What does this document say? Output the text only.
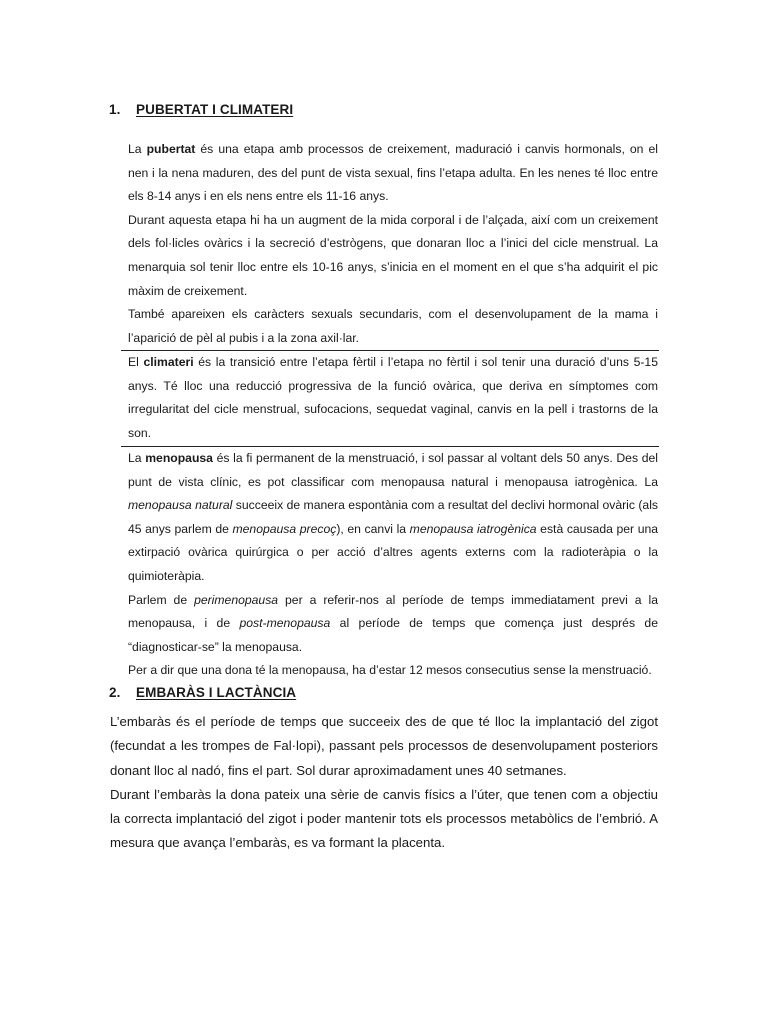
1. PUBERTAT I CLIMATERI

La pubertat és una etapa amb processos de creixement, maduració i canvis hormonals, on el nen i la nena maduren, des del punt de vista sexual, fins l’etapa adulta. En les nenes té lloc entre els 8-14 anys i en els nens entre els 11-16 anys.

Durant aquesta etapa hi ha un augment de la mida corporal i de l’alçada, així com un creixement dels fol·licles ovàrics i la secreció d’estrògens, que donaran lloc a l’inici del cicle menstrual. La menarquia sol tenir lloc entre els 10-16 anys, s’inicia en el moment en el que s’ha adquirit el pic màxim de creixement.

També apareixen els caràcters sexuals secundaris, com el desenvolupament de la mama i l’aparició de pèl al pubis i a la zona axil·lar.

El climateri és la transició entre l’etapa fèrtil i l’etapa no fèrtil i sol tenir una duració d’uns 5-15 anys. Té lloc una reducció progressiva de la funció ovàrica, que deriva en símptomes com irregularitat del cicle menstrual, sufocacions, sequedat vaginal, canvis en la pell i trastorns de la son.

La menopausa és la fi permanent de la menstruació, i sol passar al voltant dels 50 anys. Des del punt de vista clínic, es pot classificar com menopausa natural i menopausa iatrogènica. La menopausa natural succeeix de manera espontània com a resultat del declivi hormonal ovàric (als 45 anys parlem de menopausa precoç), en canvi la menopausa iatrogènica està causada per una extirpació ovàrica quirúrgica o per acció d’altres agents externs com la radioteràpia o la quimioteràpia.

Parlem de perimenopausa per a referir-nos al període de temps immediatament previ a la menopausa, i de post-menopausa al període de temps que comença just després de “diagnosticar-se” la menopausa.

Per a dir que una dona té la menopausa, ha d’estar 12 mesos consecutius sense la menstruació.

2. EMBARÀS I LACTÀNCIA

L’embaràs és el període de temps que succeeix des de que té lloc la implantació del zigot (fecundat a les trompes de Fal·lopi), passant pels processos de desenvolupament posteriors donant lloc al nadó, fins el part. Sol durar aproximadament unes 40 setmanes.

Durant l’embaràs la dona pateix una sèrie de canvis físics a l’úter, que tenen com a objectiu la correcta implantació del zigot i poder mantenir tots els processos metabòlics de l’embrió. A mesura que avança l’embaràs, es va formant la placenta.
